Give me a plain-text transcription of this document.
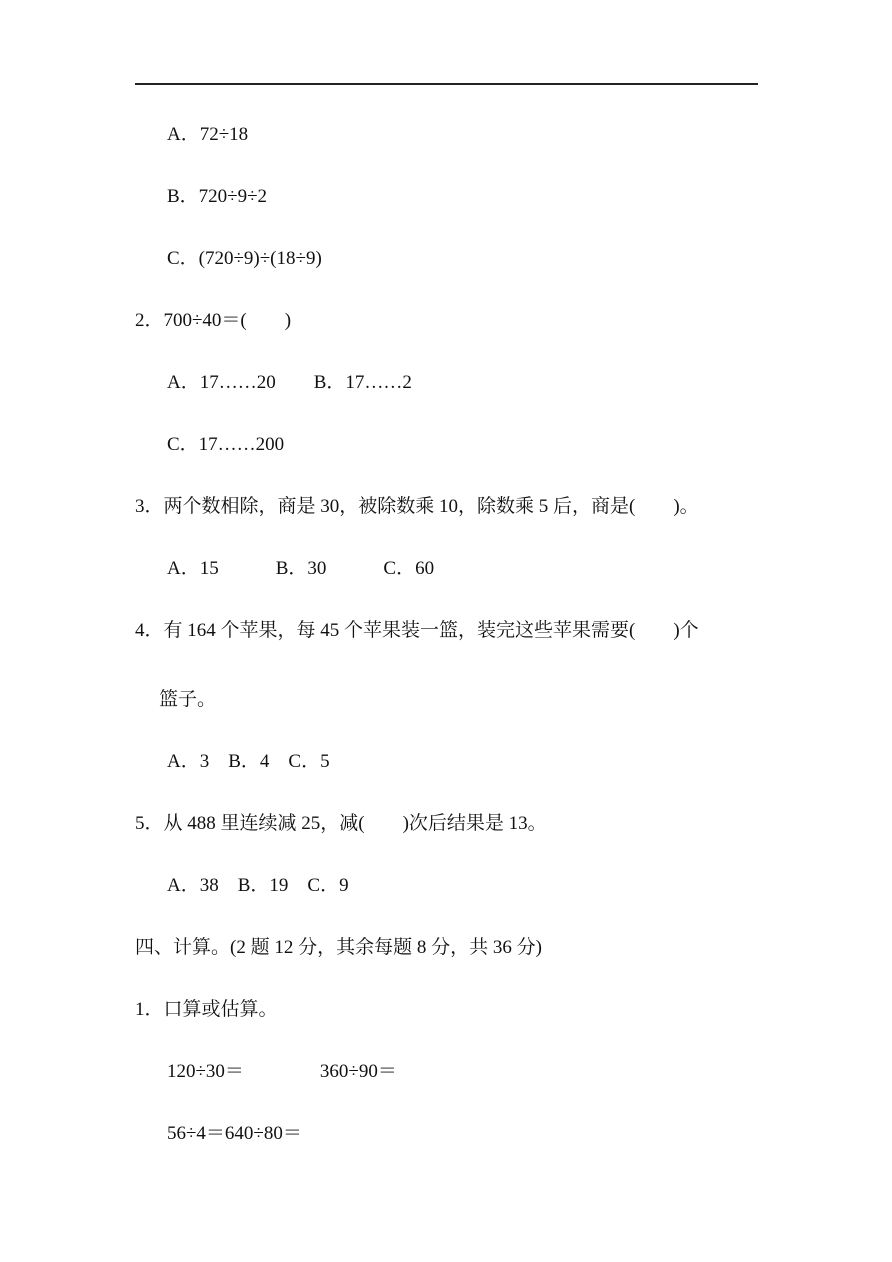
A．72÷18
B．720÷9÷2
C．(720÷9)÷(18÷9)
2．700÷40＝(　　)
A．17……20　　B．17……2
C．17……200
3．两个数相除，商是 30，被除数乘 10，除数乘 5 后，商是(　　)。
A．15　　　B．30　　　C．60
4．有 164 个苹果，每 45 个苹果装一篮，装完这些苹果需要(　　)个
篮子。
A．3　B．4　C．5
5．从 488 里连续减 25，减(　　)次后结果是 13。
A．38　B．19　C．9
四、计算。(2 题 12 分，其余每题 8 分，共 36 分)
1．口算或估算。
120÷30＝　　　　360÷90＝
56÷4＝640÷80＝
